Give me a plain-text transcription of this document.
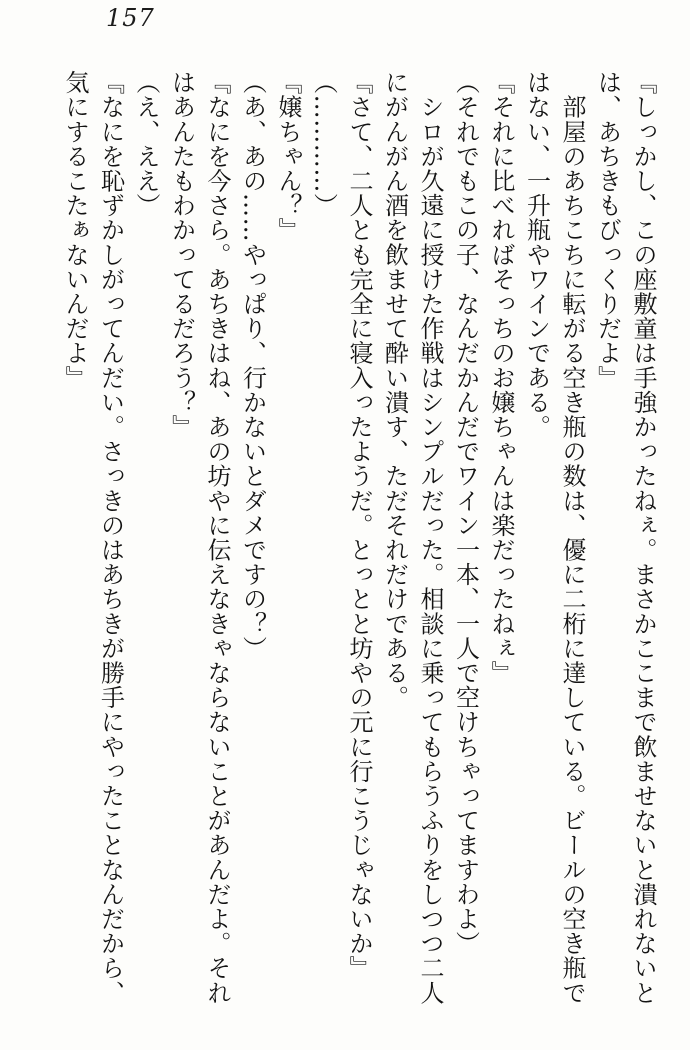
157

『しっかし、この座敷童は手強かったねぇ。まさかここまで飲ませないと潰れないと

は、あちきもびっくりだよ』

　部屋のあちこちに転がる空き瓶の数は、優に二桁に達している。ビールの空き瓶で

はない、一升瓶やワインである。

『それに比べればそっちのお嬢ちゃんは楽だったねぇ』

（それでもこの子、なんだかんだでワイン一本、一人で空けちゃってますわよ）

　シロが久遠に授けた作戦はシンプルだった。相談に乗ってもらうふりをしつつ二人

にがんがん酒を飲ませて酔い潰す、ただそれだけである。

『さて、二人とも完全に寝入ったようだ。とっとと坊やの元に行こうじゃないか』

（…………）

『嬢ちゃん？』

（あ、あの……やっぱり、行かないとダメですの？）

『なにを今さら。あちきはね、あの坊やに伝えなきゃならないことがあんだよ。それ

はあんたもわかってるだろう？』

（え、ええ）

『なにを恥ずかしがってんだい。さっきのはあちきが勝手にやったことなんだから、

気にするこたぁないんだよ』
